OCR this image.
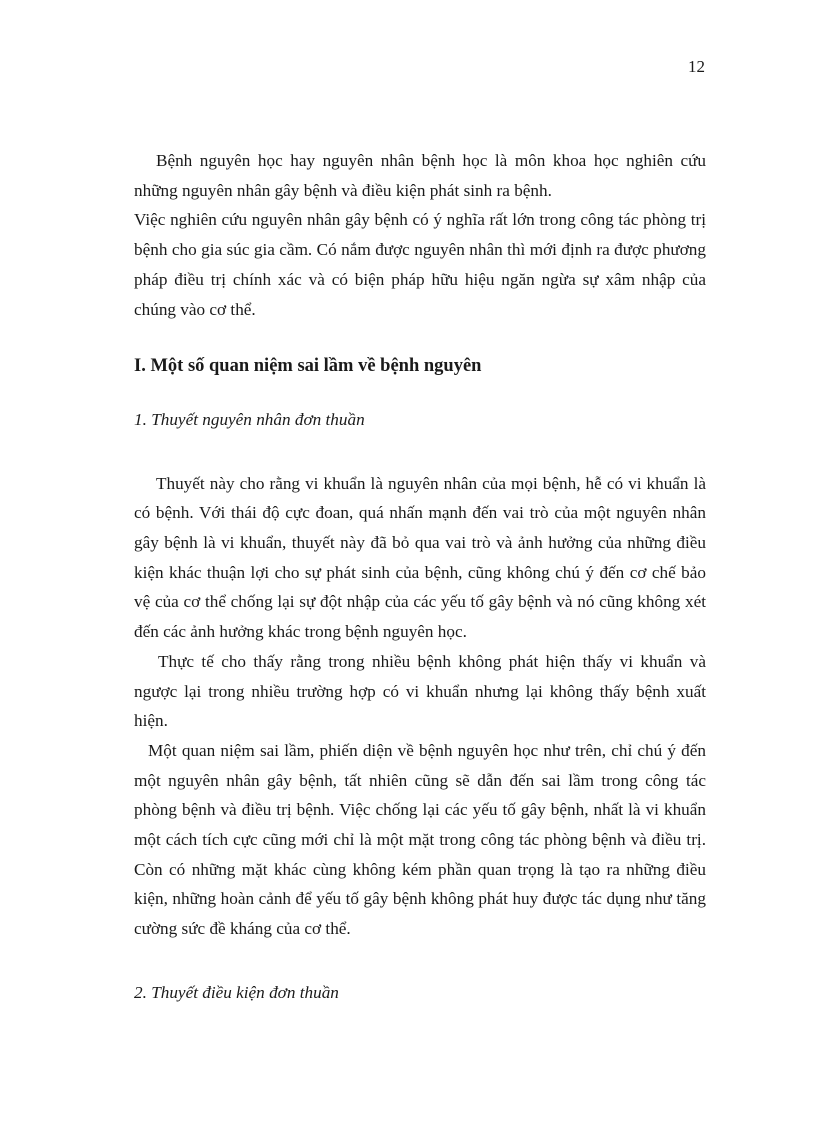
12

Bệnh nguyên học hay nguyên nhân bệnh học là môn khoa học nghiên cứu những nguyên nhân gây bệnh và điều kiện phát sinh ra bệnh.

Việc nghiên cứu nguyên nhân gây bệnh có ý nghĩa rất lớn trong công tác phòng trị bệnh cho gia súc gia cầm. Có nắm được nguyên nhân thì mới định ra được phương pháp điều trị chính xác và có biện pháp hữu hiệu ngăn ngừa sự xâm nhập của chúng vào cơ thể.

I. Một số quan niệm sai lầm về bệnh nguyên

1. Thuyết nguyên nhân đơn thuần

Thuyết này cho rằng vi khuẩn là nguyên nhân của mọi bệnh, hễ có vi khuẩn là có bệnh. Với thái độ cực đoan, quá nhấn mạnh đến vai trò của một nguyên nhân gây bệnh là vi khuẩn, thuyết này đã bỏ qua vai trò và ảnh hưởng của những điều kiện khác thuận lợi cho sự phát sinh của bệnh, cũng không chú ý đến cơ chế bảo vệ của cơ thể chống lại sự đột nhập của các yếu tố gây bệnh và nó cũng không xét đến các ảnh hưởng khác trong bệnh nguyên học.

Thực tế cho thấy rằng trong nhiều bệnh không phát hiện thấy vi khuẩn và ngược lại trong nhiều trường hợp có vi khuẩn nhưng lại không thấy bệnh xuất hiện.

Một quan niệm sai lầm, phiến diện về bệnh nguyên học như trên, chỉ chú ý đến một nguyên nhân gây bệnh, tất nhiên cũng sẽ dẫn đến sai lầm trong công tác phòng bệnh và điều trị bệnh. Việc chống lại các yếu tố gây bệnh, nhất là vi khuẩn một cách tích cực cũng mới chỉ là một mặt trong công tác phòng bệnh và điều trị. Còn có những mặt khác cùng không kém phần quan trọng là tạo ra những điều kiện, những hoàn cảnh để yếu tố gây bệnh không phát huy được tác dụng như tăng cường sức đề kháng của cơ thể.

2. Thuyết điều kiện đơn thuần
